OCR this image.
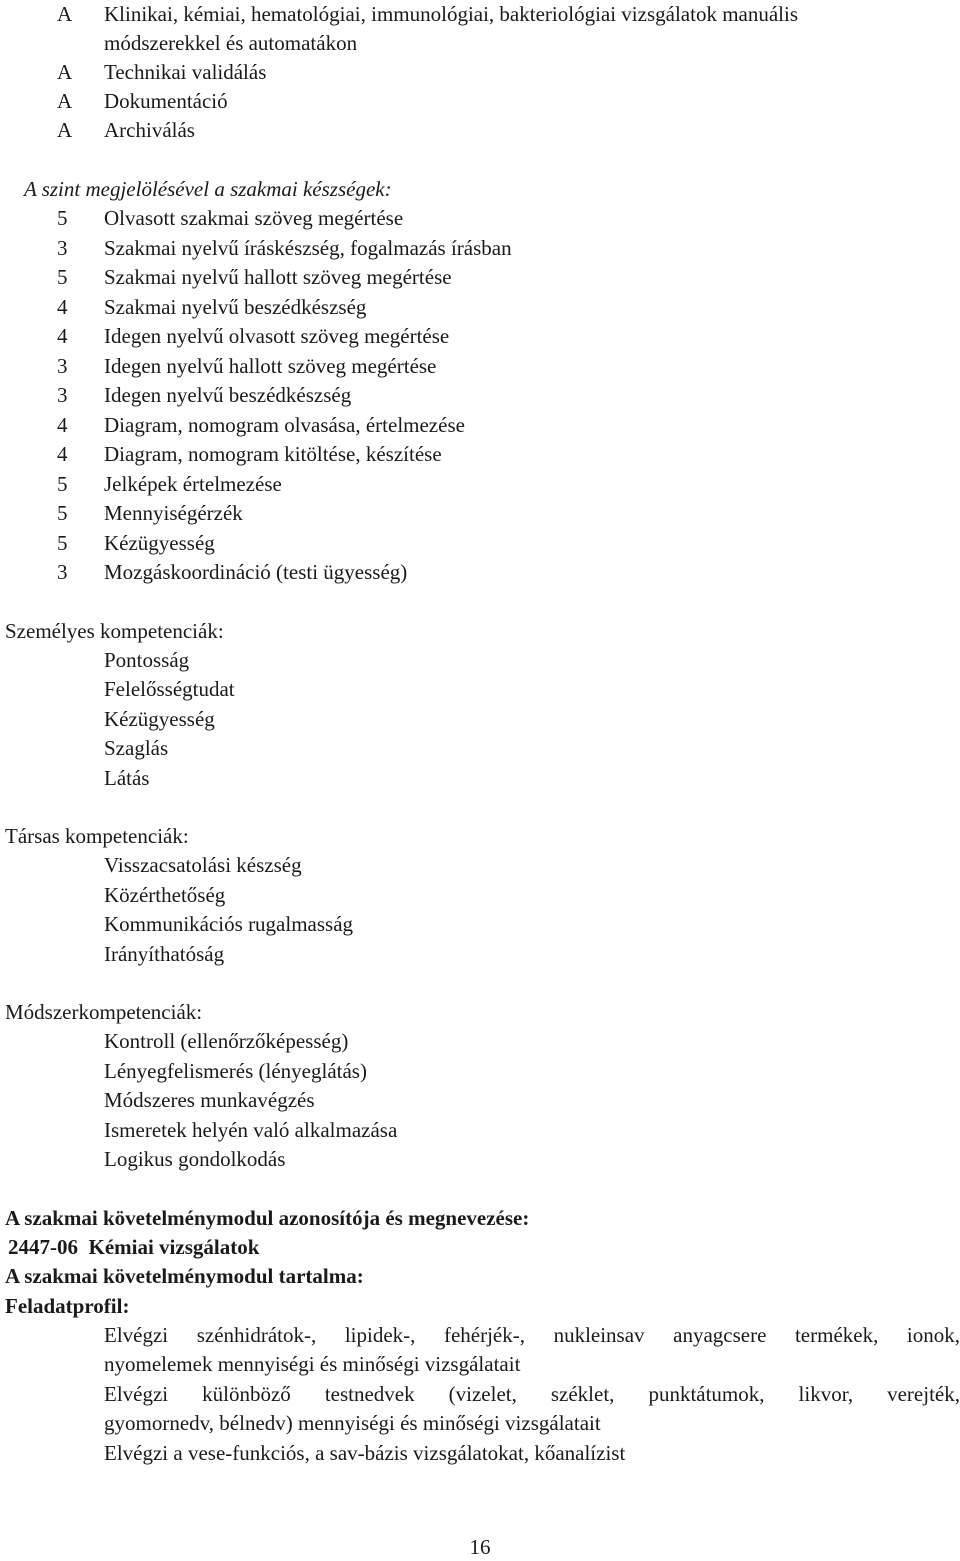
A Klinikai, kémiai, hematológiai, immunológiai, bakteriológiai vizsgálatok manuális
módszerekkel és automatákon
A Technikai validálás
A Dokumentáció
A Archiválás
A szint megjelölésével a szakmai készségek:
5 Olvasott szakmai szöveg megértése
3 Szakmai nyelvű íráskészség, fogalmazás írásban
5 Szakmai nyelvű hallott szöveg megértése
4 Szakmai nyelvű beszédkészség
4 Idegen nyelvű olvasott szöveg megértése
3 Idegen nyelvű hallott szöveg megértése
3 Idegen nyelvű beszédkészség
4 Diagram, nomogram olvasása, értelmezése
4 Diagram, nomogram kitöltése, készítése
5 Jelképek értelmezése
5 Mennyiségérzék
5 Kézügyesség
3 Mozgáskoordináció (testi ügyesség)
Személyes kompetenciák:
Pontosság
Felelősségtudat
Kézügyesség
Szaglás
Látás
Társas kompetenciák:
Visszacsatolási készség
Közérthetőség
Kommunikációs rugalmasság
Irányíthatóság
Módszerkompetenciák:
Kontroll (ellenőrzőképesség)
Lényegfelismerés (lényeglátás)
Módszeres munkavégzés
Ismeretek helyén való alkalmazása
Logikus gondolkodás
A szakmai követelménymodul azonosítója és megnevezése:
2447-06  Kémiai vizsgálatok
A szakmai követelménymodul tartalma:
Feladatprofil:
Elvégzi szénhidrátok-, lipidek-, fehérjék-, nukleinsav anyagcsere termékek, ionok,
nyomelemek mennyiségi és minőségi vizsgálatait
Elvégzi különböző testnedvek (vizelet, széklet, punktátumok, likvor, verejték,
gyomornedv, bélnedv) mennyiségi és minőségi vizsgálatait
Elvégzi a vese-funkciós, a sav-bázis vizsgálatokat, kőanalízist
16
